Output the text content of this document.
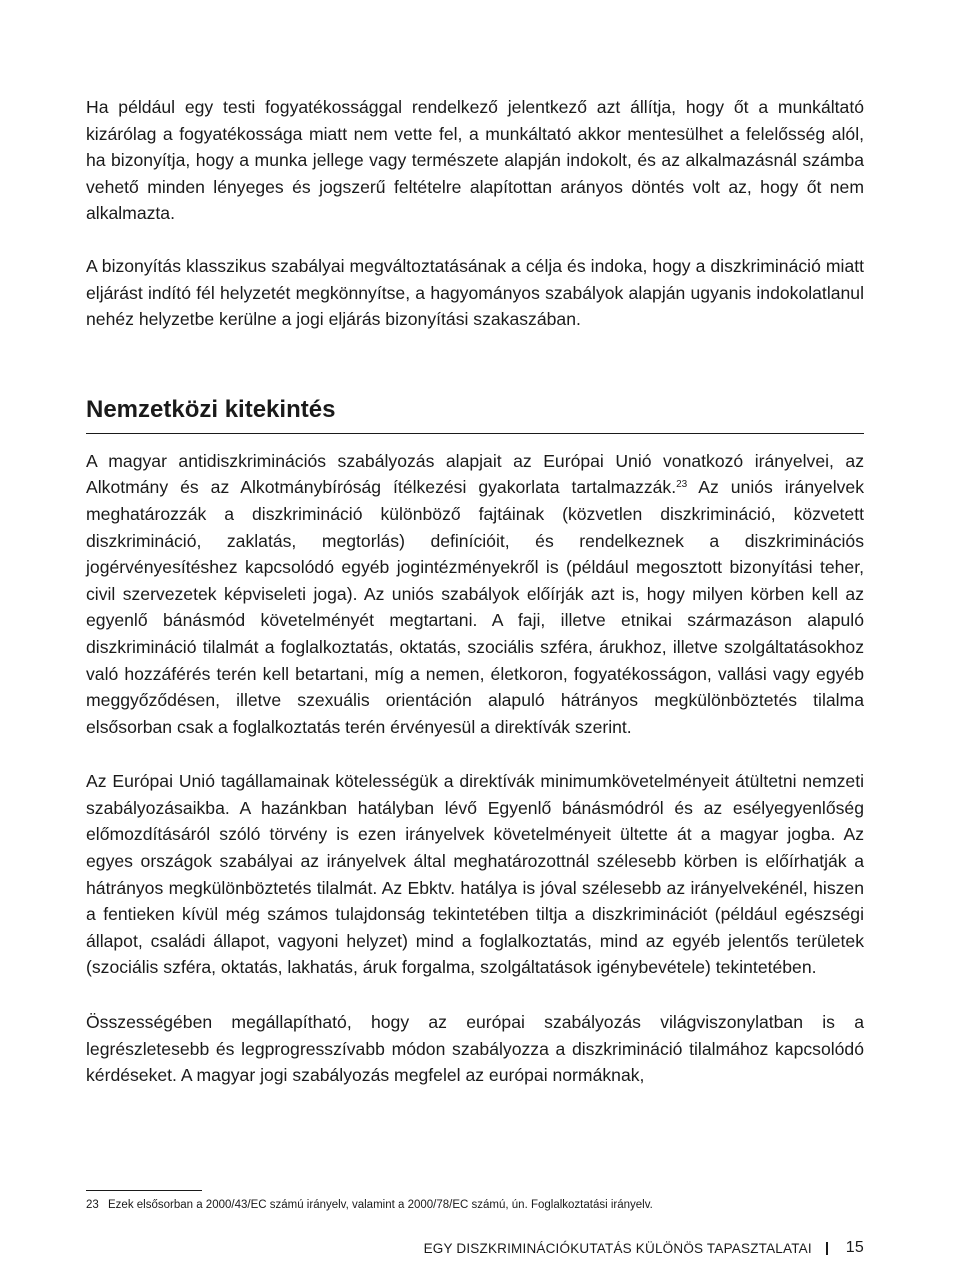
Ha például egy testi fogyatékossággal rendelkező jelentkező azt állítja, hogy őt a munkáltató kizárólag a fogyatékossága miatt nem vette fel, a munkáltató akkor mentesülhet a felelősség alól, ha bizonyítja, hogy a munka jellege vagy természete alapján indokolt, és az alkalmazásnál számba vehető minden lényeges és jogszerű feltételre alapítottan arányos döntés volt az, hogy őt nem alkalmazta.

A bizonyítás klasszikus szabályai megváltoztatásának a célja és indoka, hogy a diszkrimináció miatt eljárást indító fél helyzetét megkönnyítse, a hagyományos szabályok alapján ugyanis indokolatlanul nehéz helyzetbe kerülne a jogi eljárás bizonyítási szakaszában.

Nemzetközi kitekintés

A magyar antidiszkriminációs szabályozás alapjait az Európai Unió vonatkozó irányelvei, az Alkotmány és az Alkotmánybíróság ítélkezési gyakorlata tartalmazzák.$^{23}$ Az uniós irányelvek meghatározzák a diszkrimináció különböző fajtáinak (közvetlen diszkrimináció, közvetett diszkrimináció, zaklatás, megtorlás) definícióit, és rendelkeznek a diszkriminációs jogérvényesítéshez kapcsolódó egyéb jogintézményekről is (például megosztott bizonyítási teher, civil szervezetek képviseleti joga). Az uniós szabályok előírják azt is, hogy milyen körben kell az egyenlő bánásmód követelményét megtartani. A faji, illetve etnikai származáson alapuló diszkrimináció tilalmát a foglalkoztatás, oktatás, szociális szféra, árukhoz, illetve szolgáltatásokhoz való hozzáférés terén kell betartani, míg a nemen, életkoron, fogyatékosságon, vallási vagy egyéb meggyőződésen, illetve szexuális orientáción alapuló hátrányos megkülönböztetés tilalma elsősorban csak a foglalkoztatás terén érvényesül a direktívák szerint.

Az Európai Unió tagállamainak kötelességük a direktívák minimumkövetelményeit átültetni nemzeti szabályozásaikba. A hazánkban hatályban lévő Egyenlő bánásmódról és az esélyegyenlőség előmozdításáról szóló törvény is ezen irányelvek követelményeit ültette át a magyar jogba. Az egyes országok szabályai az irányelvek által meghatározottnál szélesebb körben is előírhatják a hátrányos megkülönböztetés tilalmát. Az Ebktv. hatálya is jóval szélesebb az irányelvekénél, hiszen a fentieken kívül még számos tulajdonság tekintetében tiltja a diszkriminációt (például egészségi állapot, családi állapot, vagyoni helyzet) mind a foglalkoztatás, mind az egyéb jelentős területek (szociális szféra, oktatás, lakhatás, áruk forgalma, szolgáltatások igénybevétele) tekintetében.

Összességében megállapítható, hogy az európai szabályozás világviszonylatban is a legrészletesebb és legprogresszívabb módon szabályozza a diszkrimináció tilalmához kapcsolódó kérdéseket. A magyar jogi szabályozás megfelel az európai normáknak,

23 Ezek elsősorban a 2000/43/EC számú irányelv, valamint a 2000/78/EC számú, ún. Foglalkoztatási irányelv.
EGY DISZKRIMINÁCIÓKUTATÁS KÜLÖNÖS TAPASZTALATAI 15
